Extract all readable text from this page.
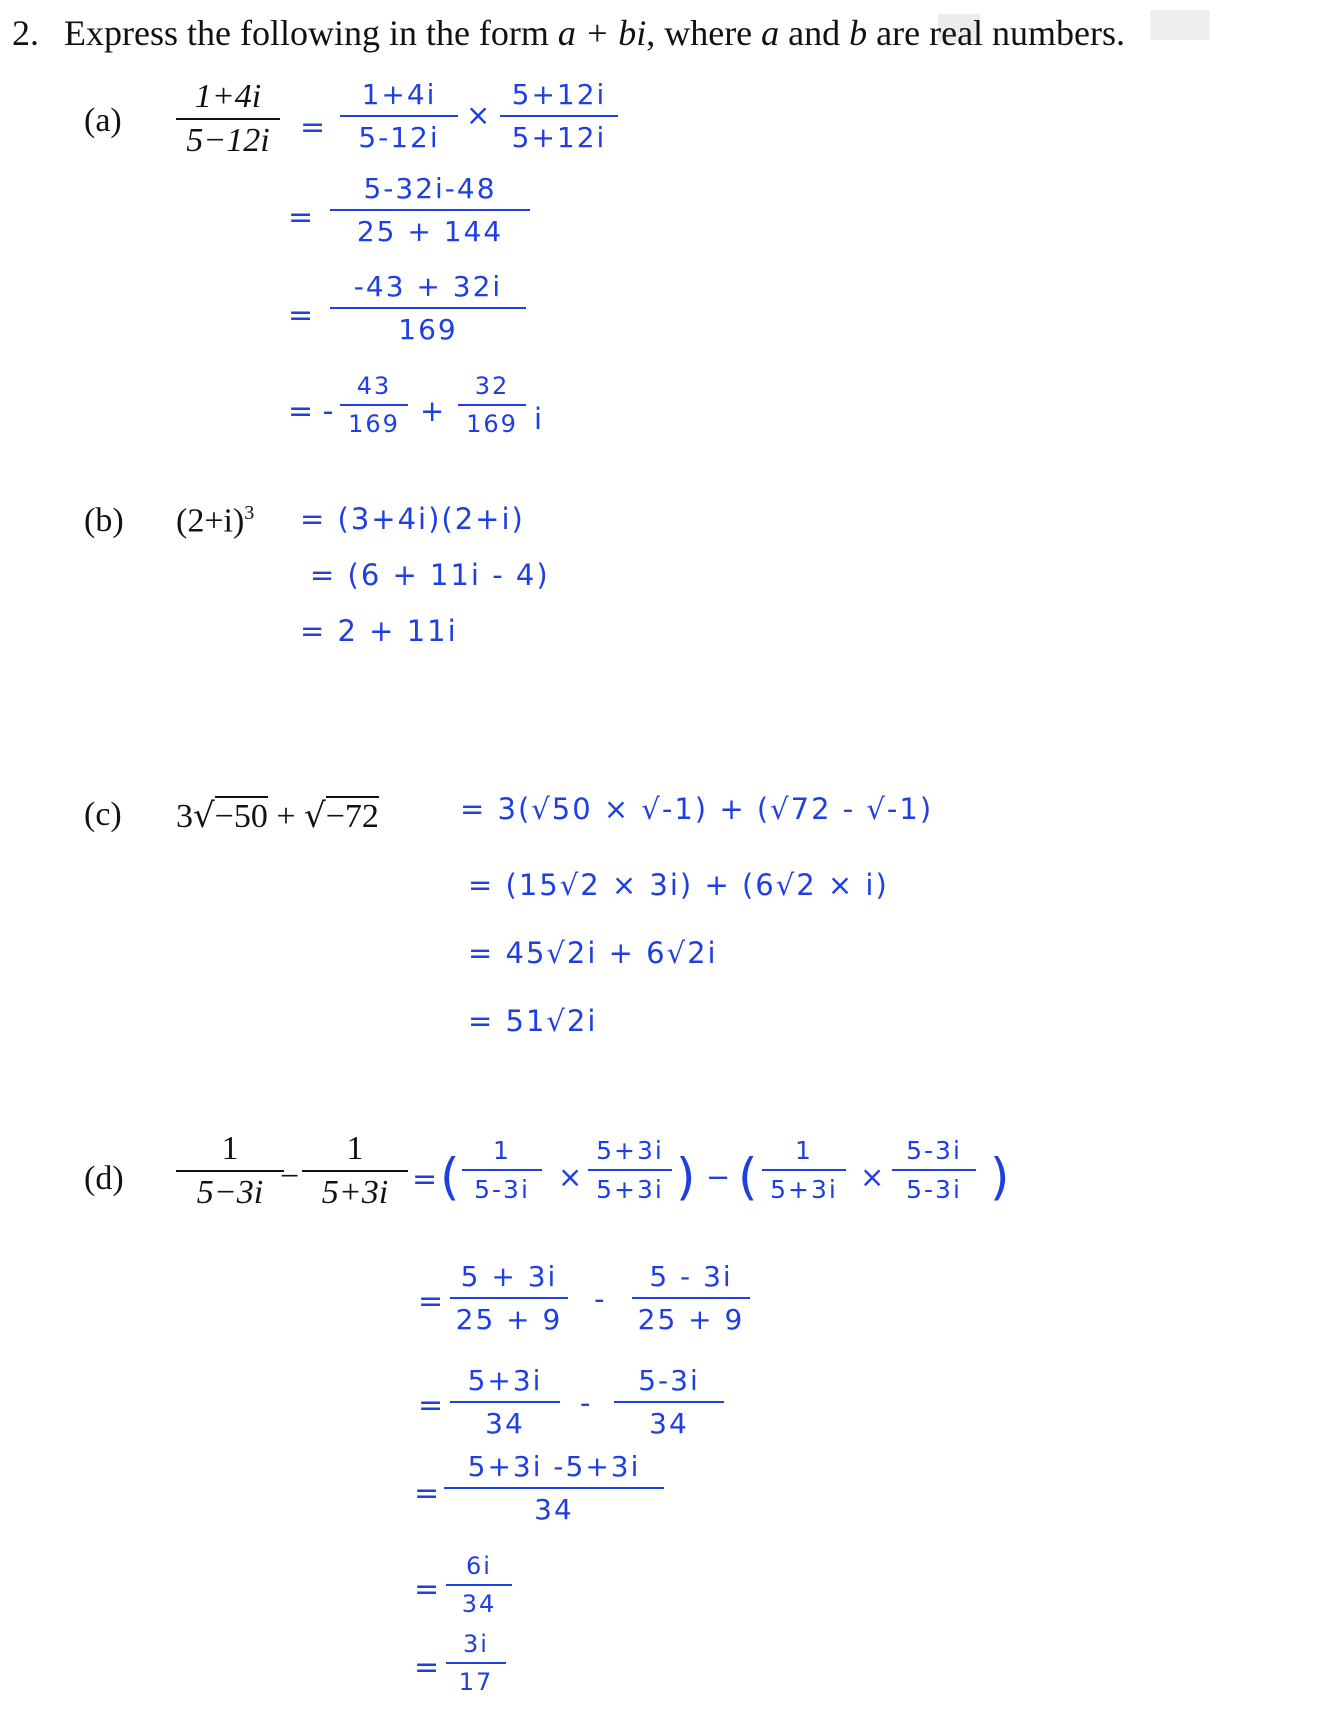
2. Express the following in the form a + bi, where a and b are real numbers.
$(a) \frac{1+4i}{5-12i} = \frac{1+4i}{5-12i} \times \frac{5+12i}{5+12i}$
= $\frac{5-32i-48}{25 + 144}$
= $\frac{-43 + 32i}{169}$
= - $\frac{43}{169} + \frac{32}{169}$ i
(b) $(2+i)^3 = (3+4i)(2+i)$
= (6 + 11i - 4)
= 2 + 11i
(c) 3√−50 + √−72	= 3(√50 × √-1) + (√72 - √-1)
= (15√2 × 3i) + (6√2 × i)
= 45√2i + 6√2i
= 51√2i
$(d) \frac{1}{5-3i}$
− $\frac{1}{5+3i}$ = ( $\frac{1}{5-3i} \times \frac{5+3i}{5+3i}$ ) − ( $\frac{1}{5+3i} \times \frac{5-3i}{5-3i}$ )
= $\frac{5 + 3i}{25 + 9} - \frac{5 - 3i}{25 + 9}$
= $\frac{5+3i}{34} - \frac{5-3i}{34}$
= $\frac{5+3i -5+3i}{34}$
= $\frac{6i}{34}$
= $\frac{3i}{17}$
